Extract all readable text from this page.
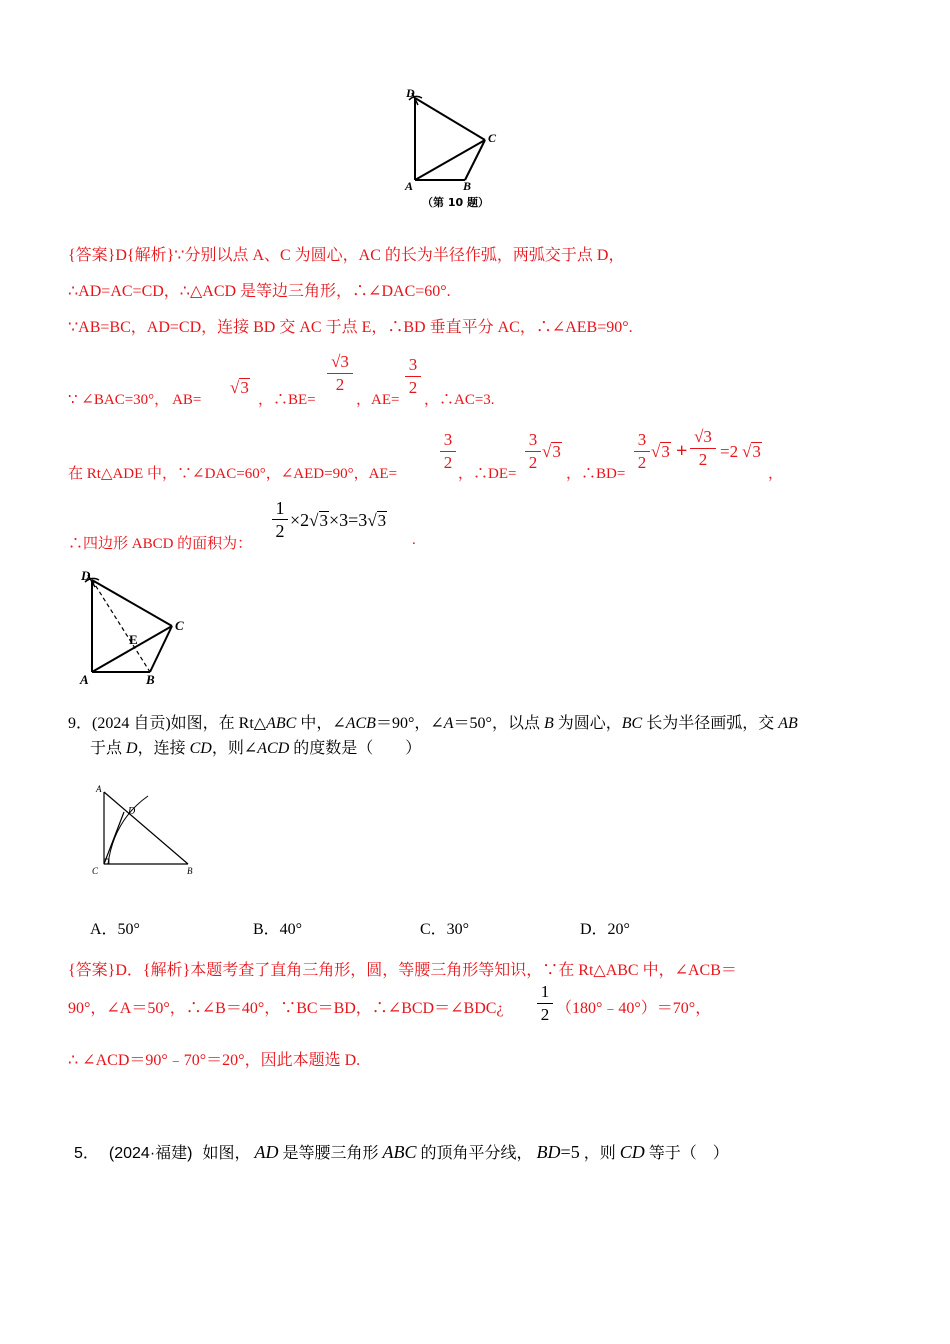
D
C
A	B
（第 10 题）
{答案}D{解析}∵分别以点 A、C 为圆心，AC 的长为半径作弧，两弧交于点 D，
∴AD=AC=CD，∴△ACD 是等边三角形，∴∠DAC=60°.
∵AB=BC，AD=CD，连接 BD 交 AC 于点 E，∴BD 垂直平分 AC，∴∠AEB=90°.
∵ ∠BAC=30°， AB=
√3
，∴BE=
√3
2
，AE=
3
2
，∴AC=3.
在 Rt△ADE 中，∵∠DAC=60°，∠AED=90°，AE=
3
2
，∴DE=
3
2
√3
，∴BD=
3
2
√3 +
√3
2 =2 √3
，
∴四边形 ABCD 的面积为：
1
2
×2√3×3=3√3
.
D
C
E
A	B
9．(2024 自贡)如图，在 Rt△ABC 中，∠ACB＝90°，∠A＝50°，以点 B 为圆心，BC 长为半径画弧，交 AB
于点 D，连接 CD，则∠ACD 的度数是（　　）
A
D
C	B
A．50°	B．40°	C．30°	D．20°
{答案}D．{解析}本题考查了直角三角形，圆，等腰三角形等知识，∵在 Rt△ABC 中，∠ACB＝
90°，∠A＝50°，∴∠B＝40°，∵BC＝BD，∴∠BCD＝∠BDC¿
1
2 （180°﹣40°）＝70°，
∴ ∠ACD＝90°﹣70°＝20°，因此本题选 D.
5． (2024·福建) 如图， AD 是等腰三角形 ABC 的顶角平分线， BD=5 ，则 CD 等于（　）
